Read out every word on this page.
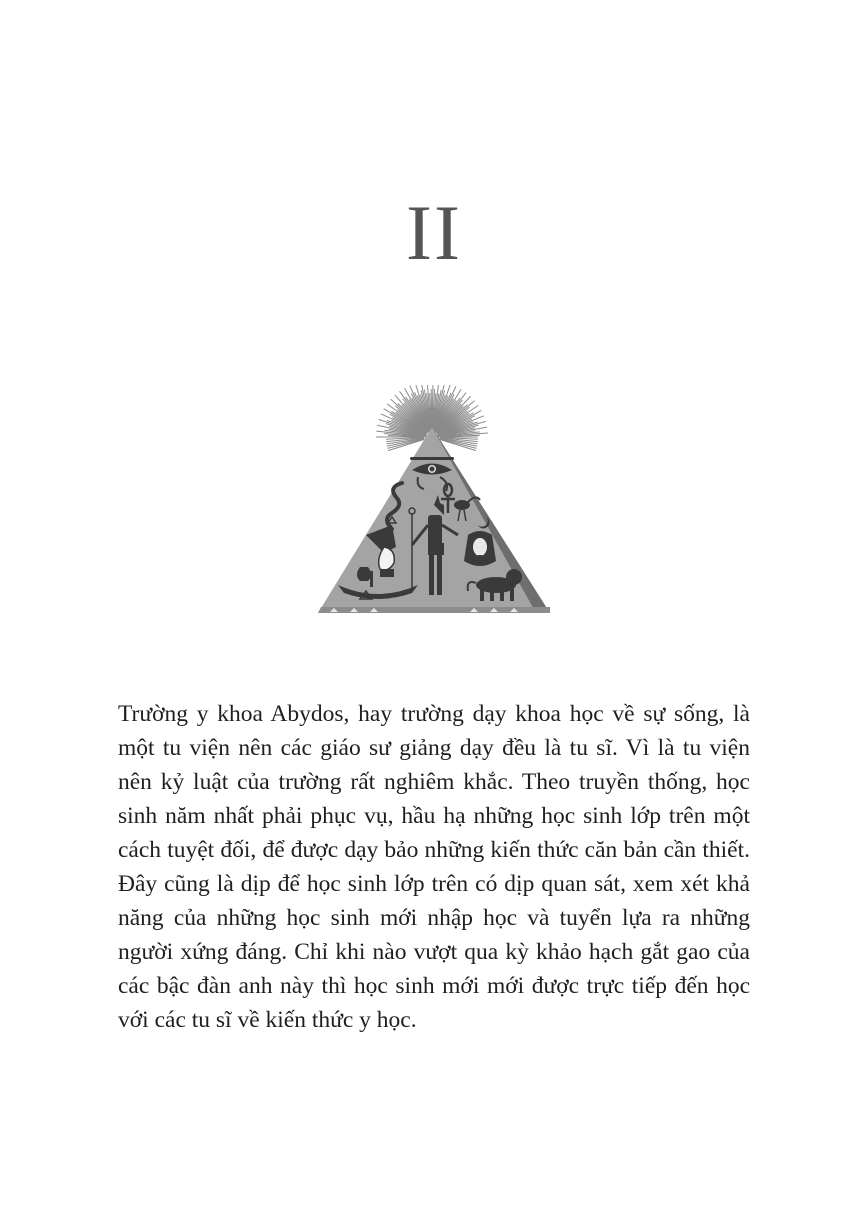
II

Trường y khoa Abydos, hay trường dạy khoa học về sự sống, là một tu viện nên các giáo sư giảng dạy đều là tu sĩ. Vì là tu viện nên kỷ luật của trường rất nghiêm khắc. Theo truyền thống, học sinh năm nhất phải phục vụ, hầu hạ những học sinh lớp trên một cách tuyệt đối, để được dạy bảo những kiến thức căn bản cần thiết. Đây cũng là dịp để học sinh lớp trên có dịp quan sát, xem xét khả năng của những học sinh mới nhập học và tuyển lựa ra những người xứng đáng. Chỉ khi nào vượt qua kỳ khảo hạch gắt gao của các bậc đàn anh này thì học sinh mới mới được trực tiếp đến học với các tu sĩ về kiến thức y học.
